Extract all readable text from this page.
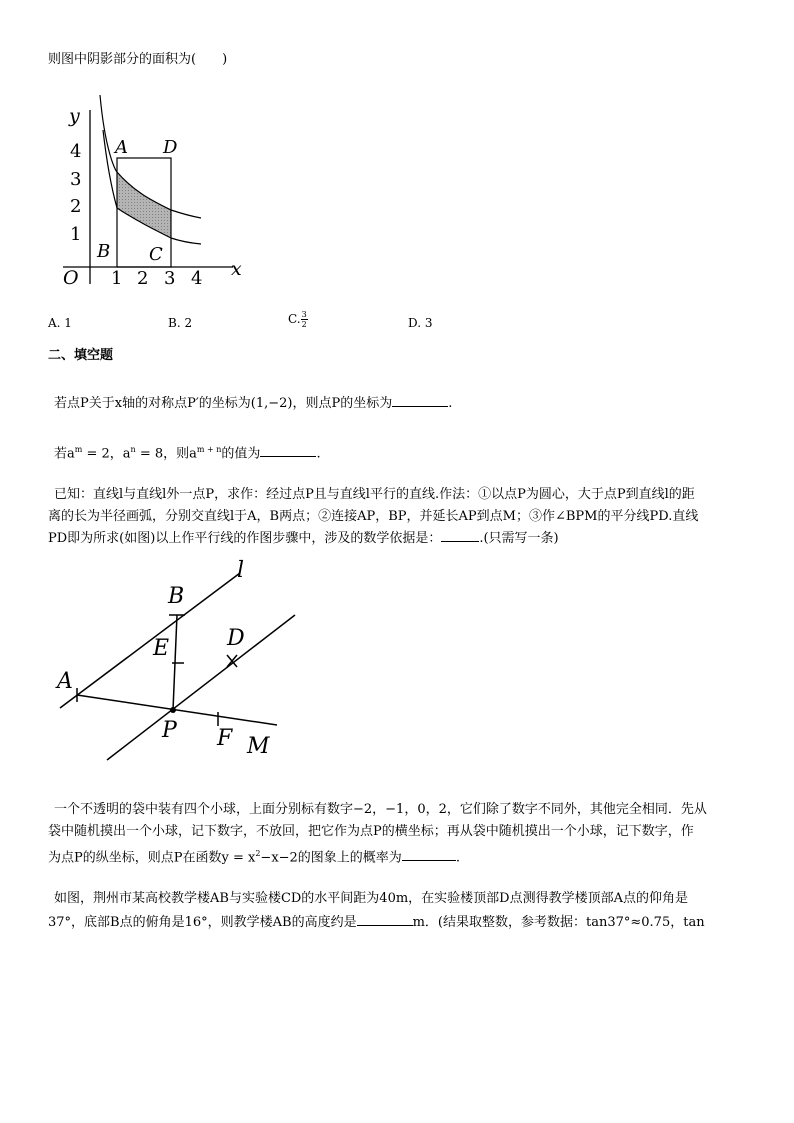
则图中阴影部分的面积为(　　)
y
x
O
4
3
2
1
1 2 3 4
A D
B C
A. 1	B. 2	C. $\frac{3}{2}$	D. 3
二、填空题
若点P关于x轴的对称点P′的坐标为(1,−2)，则点P的坐标为	.
若$a^m = 2$，$a^n = 8$，则$a^{m + n}$的值为	.
已知：直线l与直线l外一点P，求作：经过点P且与直线l平行的直线.作法：①以点P为圆心，大于点P到直线l的距
离的长为半径画弧，分别交直线l于A，B两点；②连接AP，BP，并延长AP到点M；③作∠BPM的平分线PD.直线
PD即为所求(如图)以上作平行线的作图步骤中，涉及的数学依据是：	.(只需写一条)
l
B
D
E
A
P F M
一个不透明的袋中装有四个小球，上面分别标有数字−2，−1，0，2，它们除了数字不同外，其他完全相同．先从
袋中随机摸出一个小球，记下数字，不放回，把它作为点P的横坐标；再从袋中随机摸出一个小球，记下数字，作
为点P的纵坐标，则点P在函数$y = x^2-x-2$的图象上的概率为	.
如图，荆州市某高校教学楼AB与实验楼CD的水平间距为40m，在实验楼顶部D点测得教学楼顶部A点的仰角是
37°，底部B点的俯角是16°，则教学楼AB的高度约是	m．(结果取整数，参考数据：tan37°≈0.75，tan
